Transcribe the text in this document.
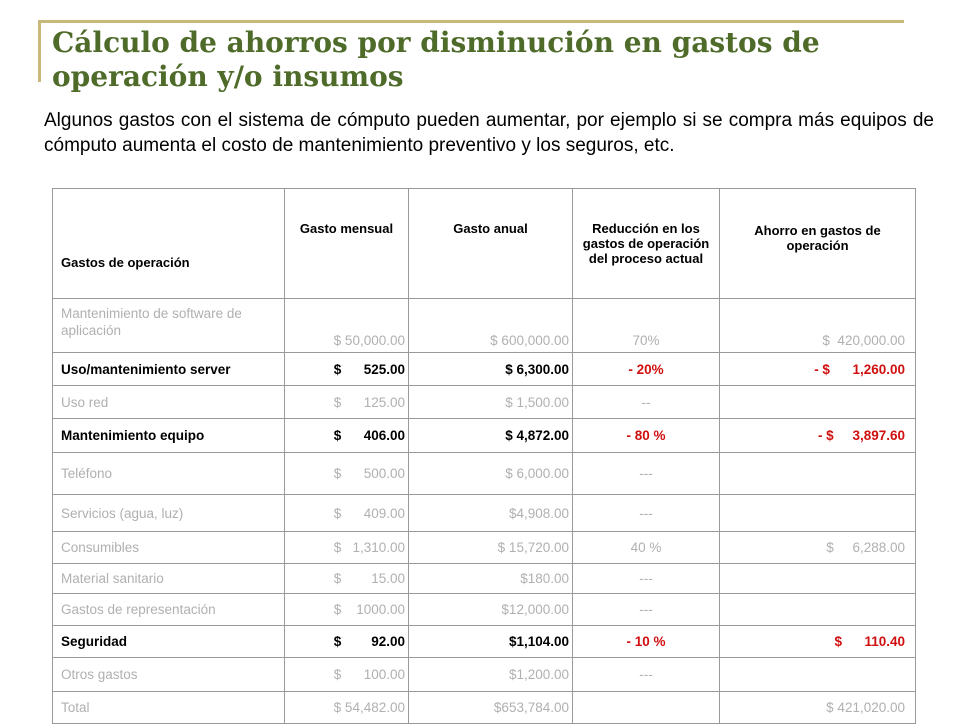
Cálculo de ahorros por disminución en gastos de operación y/o insumos

Algunos gastos con el sistema de cómputo pueden aumentar, por ejemplo si se compra más equipos de cómputo aumenta el costo de mantenimiento preventivo y los seguros, etc.

Gastos de operación	Gasto mensual	Gasto anual	Reducción en los gastos de operación del proceso actual	Ahorro en gastos de operación

Mantenimiento de software de aplicación	$ 50,000.00	$ 600,000.00	70%	$  420,000.00
Uso/mantenimiento server	$      525.00	$ 6,300.00	- 20%	- $      1,260.00
Uso red	$      125.00	$ 1,500.00	--	
Mantenimiento equipo	$      406.00	$ 4,872.00	- 80 %	- $     3,897.60
Teléfono	$      500.00	$ 6,000.00	---	
Servicios (agua, luz)	$      409.00	$4,908.00	---	
Consumibles	$   1,310.00	$ 15,720.00	40 %	$     6,288.00
Material sanitario	$        15.00	$180.00	---	
Gastos de representación	$    1000.00	$12,000.00	---	
Seguridad	$        92.00	$1,104.00	- 10 %	$      110.40
Otros gastos	$      100.00	$1,200.00	---	
Total	$ 54,482.00	$653,784.00		$ 421,020.00
